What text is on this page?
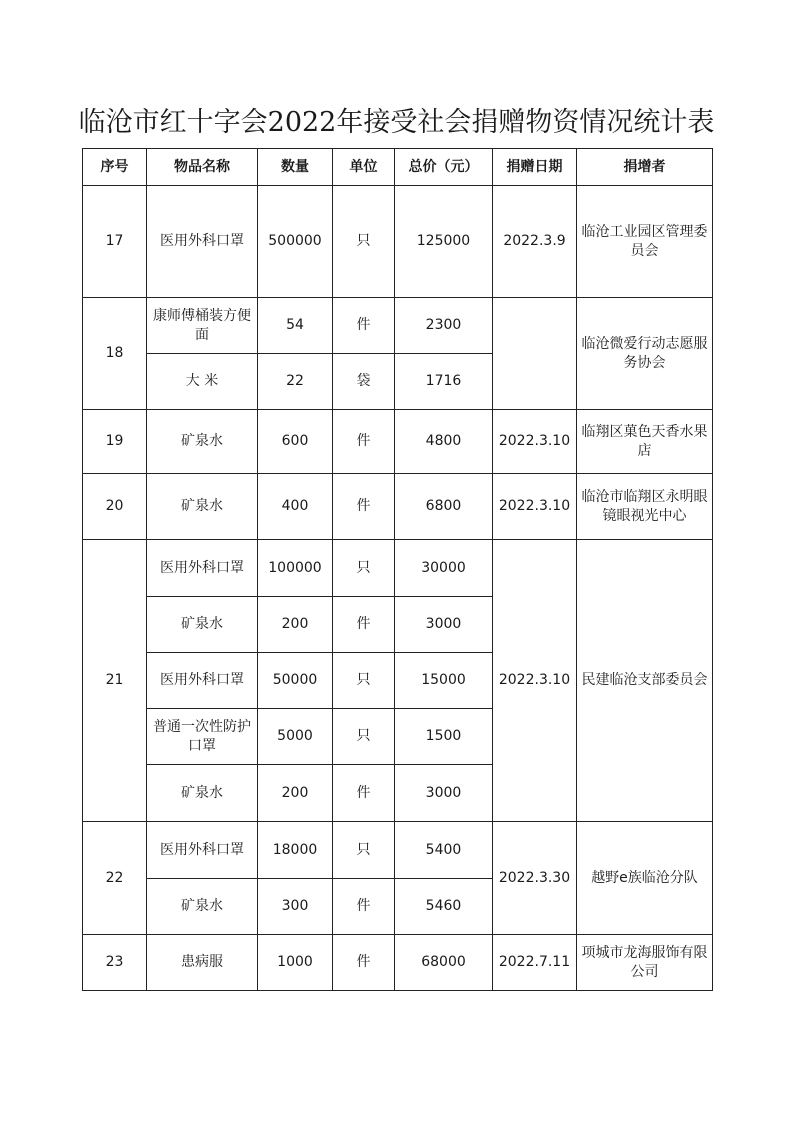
临沧市红十字会2022年接受社会捐赠物资情况统计表
序号	物品名称	数量	单位	总价（元）	捐赠日期	捐增者
17	医用外科口罩	500000	只	125000	2022.3.9	临沧工业园区管理委员会
18	康师傅桶装方便面	54	件	2300		临沧微爱行动志愿服务协会
	大 米	22	袋	1716		
19	矿泉水	600	件	4800	2022.3.10	临翔区菓色天香水果店
20	矿泉水	400	件	6800	2022.3.10	临沧市临翔区永明眼镜眼视光中心
21	医用外科口罩	100000	只	30000	2022.3.10	民建临沧支部委员会
	矿泉水	200	件	3000		
	医用外科口罩	50000	只	15000		
	普通一次性防护口罩	5000	只	1500		
	矿泉水	200	件	3000		
22	医用外科口罩	18000	只	5400	2022.3.30	越野e族临沧分队
	矿泉水	300	件	5460		
23	患病服	1000	件	68000	2022.7.11	项城市龙海服饰有限公司
